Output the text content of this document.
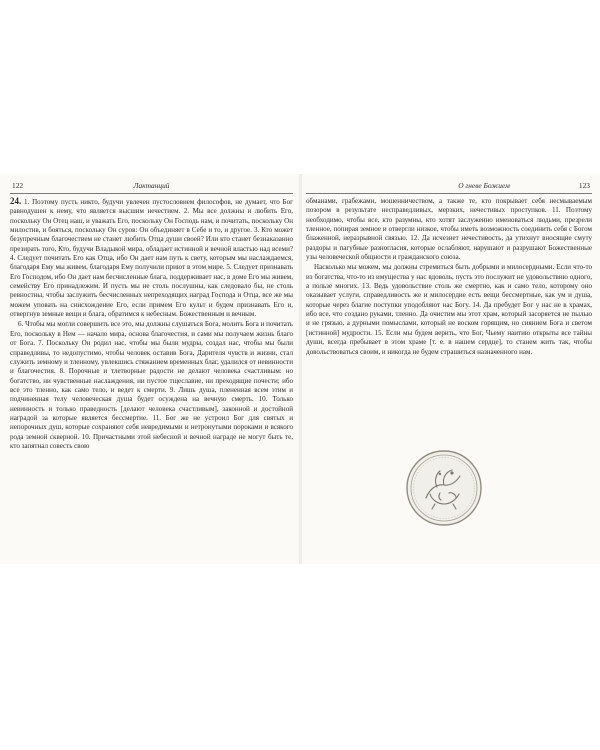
122	Лактанций

24. 1. Поэтому пусть никто, будучи увлечен пустословием философов, не думает, что Бог равнодушен к нему, что является высшим нечестием. 2. Мы все должны и любить Его, поскольку Он Отец наш, и уважать Его, поскольку Он Господь нам, и почитать, поскольку Он милостив, и бояться, поскольку Он суров: Он объединяет в Себе и то, и другое. 3. Кто может безупречным благочестием не станет любить Отца души своей? Или кто станет безнаказанно презирать того, Кто, будучи Владыкой мира, обладает истинной и вечной властью над всеми? 4. Следует почитать Его как Отца, ибо Он дает нам путь к свету, которым мы наслаждаемся, благодаря Ему мы живем, благодаря Ему получили приют в этом мире. 5. Следует признавать Его Господом, ибо Он дает нам бесчисленные блага, поддерживает нас, в доме Его мы живем, семейству Его принадлежим. И пусть мы не столь послушны, как следовало бы, не столь ревностны, чтобы заслужить бесчисленных непреходящих наград Господа и Отца, все же мы можем уповать на снисхождение Его, если примем Его культ и будем признавать Его и, отвергнув земные вещи и блага, обратимся к небесным. Божественным и вечным.

6. Чтобы мы могли совершить все это, мы должны слушаться Бога, молить Бога и почитать Его, поскольку в Нем — начало мира, основа благочестия, и сами мы получаем жизнь благо от Бога. 7. Поскольку Он родил нас, чтобы мы были мудры, создал нас, чтобы мы были справедливы, то недопустимо, чтобы человек оставив Бога, Дарителя чувств и жизни, стал служить земному и тленному, увлекшись стяжанием временных благ, удалился от невинности и благочестия. 8. Порочные и тлетворные радости не делают человека счастливым: но богатство, ни чувственные наслаждения, ни пустое тщеславие, ни преходящие почести; ибо все это тленно, как само тело, и ведет к смерти. 9. Лишь душа, плененная всем этим и подчиненная телу человеческая душа будет осуждена на вечную смерть. 10. Только невинность и только праведность [делают человека счастливым], законной и достойной наградой за которые является бессмертие. 11. Бог же не устроил Бог для святых и непорочных душ, которые сохраняют себя невредимыми и нетронутыми пороками и всякого рода земной скверной. 10. Причастными этой небесной и вечной награде не могут быть те, кто запятнал совесть свою

О гневе Божием	123

обманами, грабежами, мошенничеством, а также те, кто покрывает себя несмываемым позором в результате несправедливых, мерзких, нечестивых проступков. 11. Поэтому необходимо, чтобы все, кто разумны, кто хотят заслуженно именоваться людьми, презрели тленное, попирая земное и отвергли низкое, чтобы иметь возможность соединить себя с Богом блаженной, неразрывной связью. 12. Да исчезнет нечестивость, да утихнут вносящие смуту раздоры и пагубные разногласия, которые ослабляют, нарушают и разрушают Божественные узы человеческой общности и гражданского союза.

Насколько мы можем, мы должны стремиться быть добрыми и милосердными. Если что-то из богатства, что-то из имущества у нас вдоволь, пусть это послужит не удовольствию одного, а пользе многих. 13. Ведь удовольствие столь же смертно, как и само тело, которому оно оказывает услуги, справедливость же и милосердие есть вещи бессмертные, как ум и душа, которые через благие поступки уподобляют нас Богу. 14. Да пребудет Бог у нас не в храмах, ибо все, что создано руками, тленно. Да очистим мы этот храм, который засоряется не пылью и не грязью, а дурными помыслами, который не воском горящим, но сиянием Бога и светом [истинной] мудрости. 15. Если мы будем верить, что Бог, Чьему наитию открыты все тайны души, всегда пребывает в этом храме [т. е. в нашем сердце], то станем жить так, чтобы довольствоваться своим, и никогда не будем страшиться назначенного нам.
